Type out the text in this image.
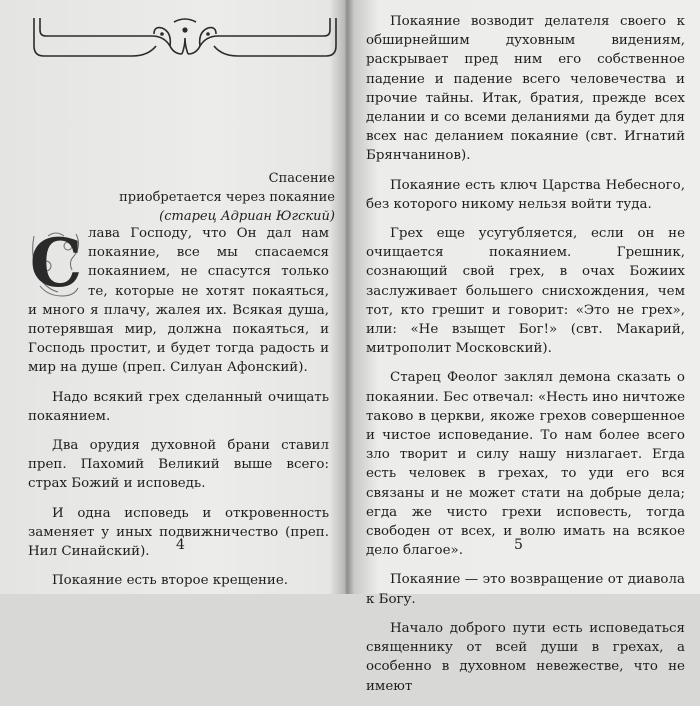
Спасение
приобретается через покаяние
(старец Адриан Югский)

С лава Господу, что Он дал нам покаяние, все мы спасаемся покаянием, не спасутся только те, которые не хотят покаяться, и много я плачу, жалея их. Всякая душа, потерявшая мир, должна покаяться, и Господь простит, и будет тогда радость и мир на душе (преп. Силуан Афонский).

Надо всякий грех сделанный очищать покаянием.

Два орудия духовной брани ставил преп. Пахомий Великий выше всего: страх Божий и исповедь.

И одна исповедь и откровенность заменяет у иных подвижничество (преп. Нил Синайский).

Покаяние есть второе крещение.

4

Покаяние возводит делателя своего к обширнейшим духовным видениям, раскрывает пред ним его собственное падение и падение всего человечества и прочие тайны. Итак, братия, прежде всех делании и со всеми деланиями да будет для всех нас деланием покаяние (свт. Игнатий Брянчанинов).

Покаяние есть ключ Царства Небесного, без которого никому нельзя войти туда.

Грех еще усугубляется, если он не очищается покаянием. Грешник, сознающий свой грех, в очах Божиих заслуживает большего снисхождения, чем тот, кто грешит и говорит: «Это не грех», или: «Не взыщет Бог!» (свт. Макарий, митрополит Московский).

Старец Феолог заклял демона сказать о покаянии. Бес отвечал: «Несть ино ничтоже таково в церкви, якоже грехов совершенное и чистое исповедание. То нам более всего зло творит и силу нашу низлагает. Егда есть человек в грехах, то уди его вся связаны и не может стати на добрые дела; егда же чисто грехи исповесть, тогда свободен от всех, и волю имать на всякое дело благое».

Покаяние — это возвращение от диавола к Богу.

Начало доброго пути есть исповедаться священнику от всей души в грехах, а особенно в духовном невежестве, что не имеют

5
